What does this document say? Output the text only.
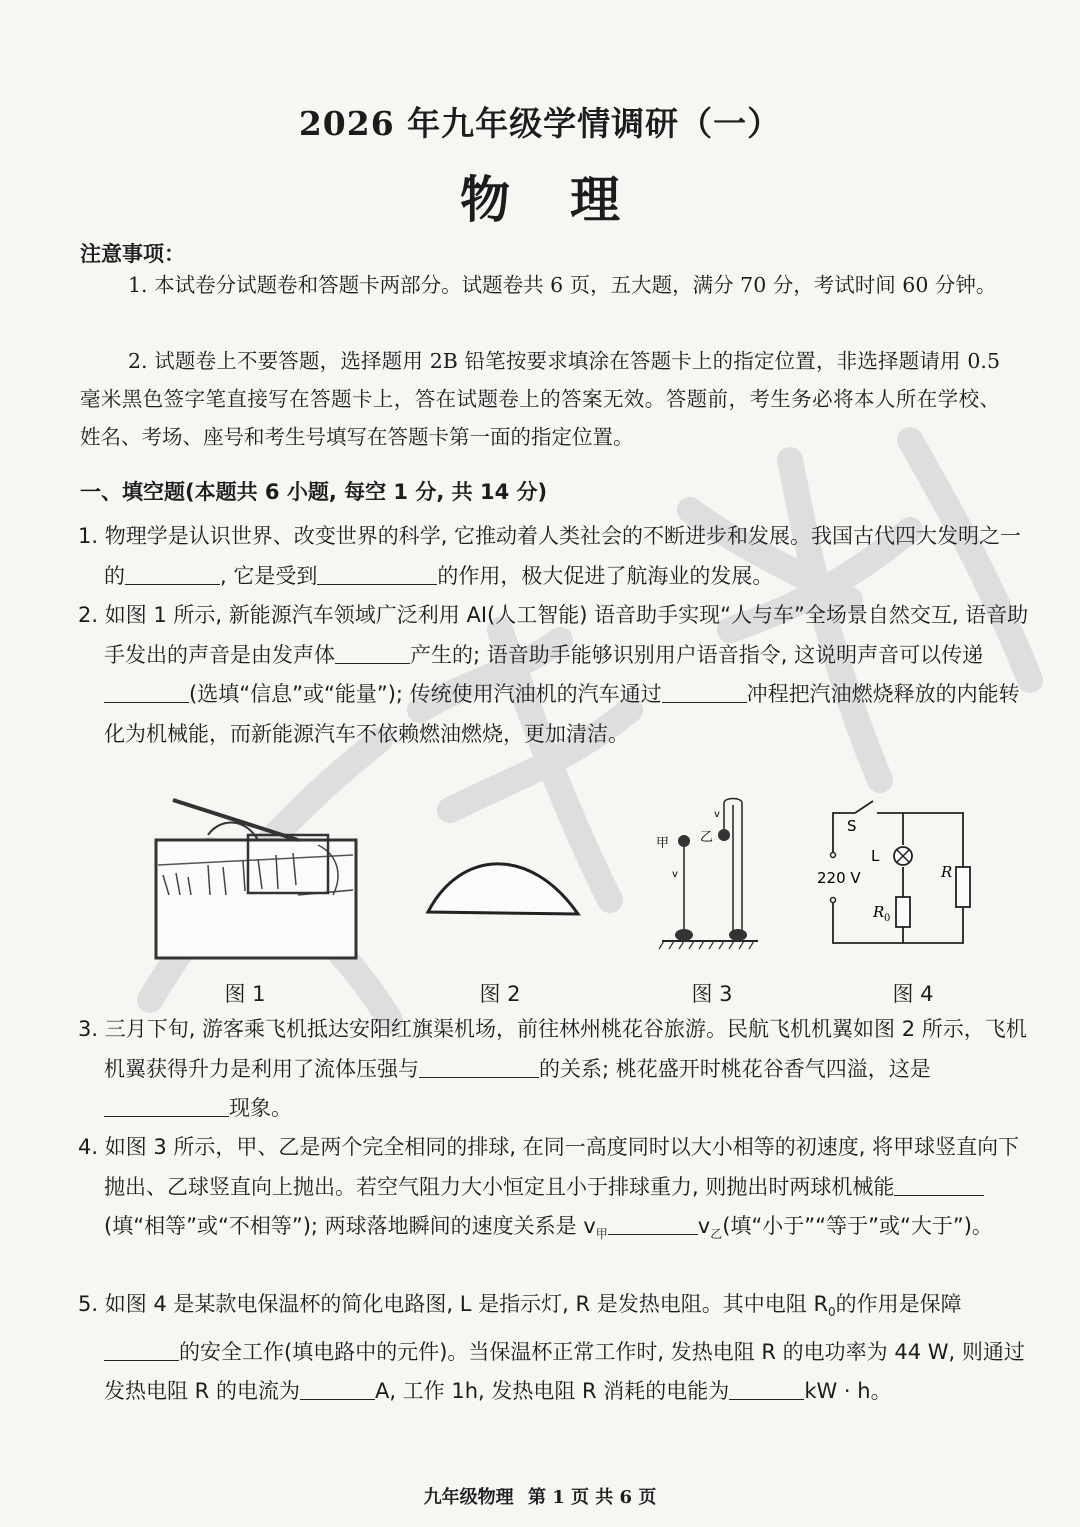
2026 年九年级学情调研（一）
物理
注意事项：
1. 本试卷分试题卷和答题卡两部分。试题卷共 6 页，五大题，满分 70 分，考试时间 60 分钟。
2. 试题卷上不要答题，选择题用 2B 铅笔按要求填涂在答题卡上的指定位置，非选择题请用 0.5 毫米黑色签字笔直接写在答题卡上，答在试题卷上的答案无效。答题前，考生务必将本人所在学校、姓名、考场、座号和考生号填写在答题卡第一面的指定位置。
一、填空题(本题共 6 小题, 每空 1 分, 共 14 分)
1. 物理学是认识世界、改变世界的科学, 它推动着人类社会的不断进步和发展。我国古代四大发明之一的	, 它是受到	的作用，极大促进了航海业的发展。
2. 如图 1 所示, 新能源汽车领域广泛利用 AI(人工智能) 语音助手实现“人与车”全场景自然交互, 语音助手发出的声音是由发声体	产生的; 语音助手能够识别用户语音指令, 这说明声音可以传递(选填“信息”或“能量”); 传统使用汽油机的汽车通过	冲程把汽油燃烧释放的内能转化为机械能，而新能源汽车不依赖燃油燃烧，更加清洁。
甲 乙
v
v
S
L
220 V
R 0
R
图 1	图 2	图 3	图 4
3. 三月下旬, 游客乘飞机抵达安阳红旗渠机场，前往林州桃花谷旅游。民航飞机机翼如图 2 所示，飞机机翼获得升力是利用了流体压强与	的关系; 桃花盛开时桃花谷香气四溢，这是现象。
4. 如图 3 所示，甲、乙是两个完全相同的排球, 在同一高度同时以大小相等的初速度, 将甲球竖直向下抛出、乙球竖直向上抛出。若空气阻力大小恒定且小于排球重力, 则抛出时两球机械能(填“相等”或“不相等”); 两球落地瞬间的速度关系是 $v_甲$	$v_乙$(填“小于”“等于”或“大于”)。
5. 如图 4 是某款电保温杯的简化电路图, L 是指示灯, R 是发热电阻。其中电阻 $R_0$的作用是保障的安全工作(填电路中的元件)。当保温杯正常工作时, 发热电阻 R 的电功率为 44 W, 则通过发热电阻 R 的电流为	A, 工作 1h, 发热电阻 R 消耗的电能为	kW · h。
九年级物理 第 1 页 共 6 页
